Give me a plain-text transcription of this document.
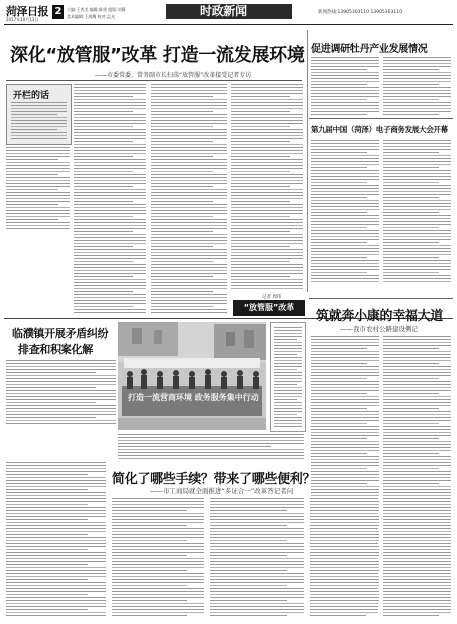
菏泽日报
2017年10月13日
2	主编:王秀美 编辑:陈勇 组版:刘静
美术编辑:王海鹰 校对:孟光	时政新闻	新闻热线:13905303110 13905303110
深化“放管服”改革 打造一流发展环境
——市委常委、常务副市长扫荡“放管服”改革接受记者专访
开栏的话
记者 周伟
促进调研牡丹产业发展情况
第九届中国（菏泽）电子商务发展大会开幕
“放管服”改革
临濮镇开展矛盾纠纷
排查和积案化解
打造一流营商环境 政务服务集中行动
筑就奔小康的幸福大道
——我市农村公路建设侧记
简化了哪些手续？带来了哪些便利？
——市工商局就全面推进“多证合一”改革答记者问
